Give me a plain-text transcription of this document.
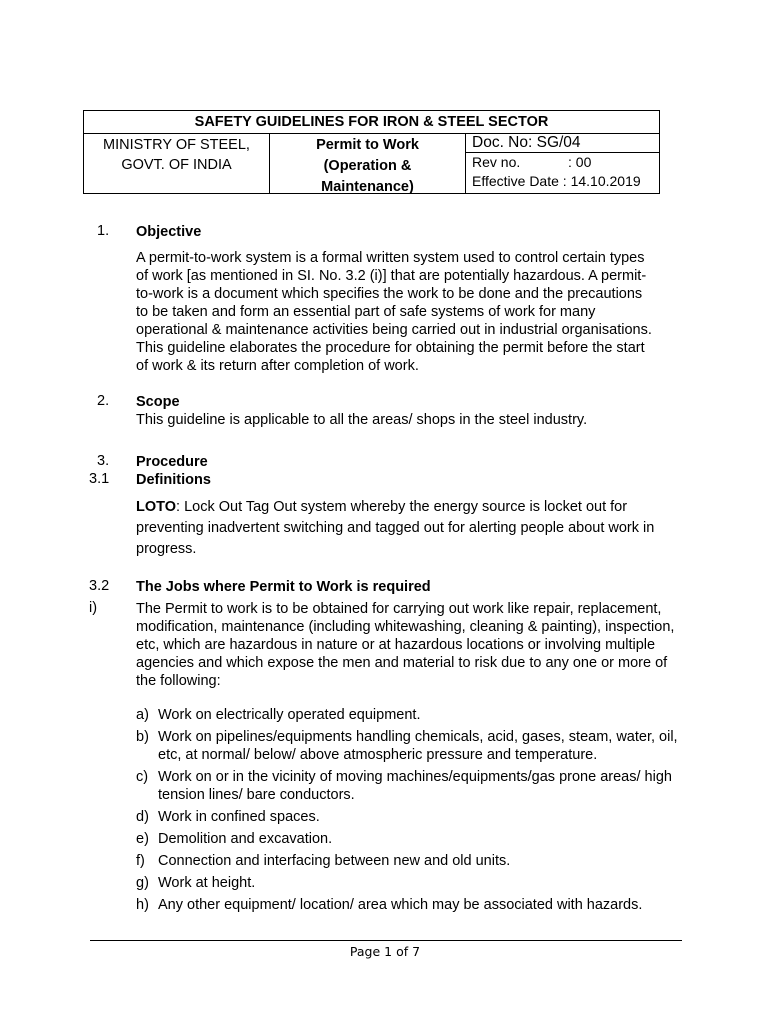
SAFETY GUIDELINES FOR IRON & STEEL SECTOR
MINISTRY OF STEEL,
GOVT. OF INDIA
Permit to Work
(Operation &
Maintenance)
Doc. No: SG/04
Rev no.	: 00
Effective Date : 14.10.2019
1. Objective
A permit-to-work system is a formal written system used to control certain types
of work [as mentioned in SI. No. 3.2 (i)] that are potentially hazardous. A permit-
to-work is a document which specifies the work to be done and the precautions
to be taken and form an essential part of safe systems of work for many
operational & maintenance activities being carried out in industrial organisations.
This guideline elaborates the procedure for obtaining the permit before the start
of work & its return after completion of work.
2. Scope
This guideline is applicable to all the areas/ shops in the steel industry.
3. Procedure
3.1 Definitions
LOTO: Lock Out Tag Out system whereby the energy source is locket out for
preventing inadvertent switching and tagged out for alerting people about work in
progress.
3.2 The Jobs where Permit to Work is required
i)	The Permit to work is to be obtained for carrying out work like repair, replacement,
modification, maintenance (including whitewashing, cleaning & painting), inspection,
etc, which are hazardous in nature or at hazardous locations or involving multiple
agencies and which expose the men and material to risk due to any one or more of
the following:
a) Work on electrically operated equipment.
b) Work on pipelines/equipments handling chemicals, acid, gases, steam, water, oil, etc, at normal/ below/ above atmospheric pressure and temperature.
c) Work on or in the vicinity of moving machines/equipments/gas prone areas/ high tension lines/ bare conductors.
d) Work in confined spaces.
e) Demolition and excavation.
f) Connection and interfacing between new and old units.
g) Work at height.
h) Any other equipment/ location/ area which may be associated with hazards.
Page 1 of 7
